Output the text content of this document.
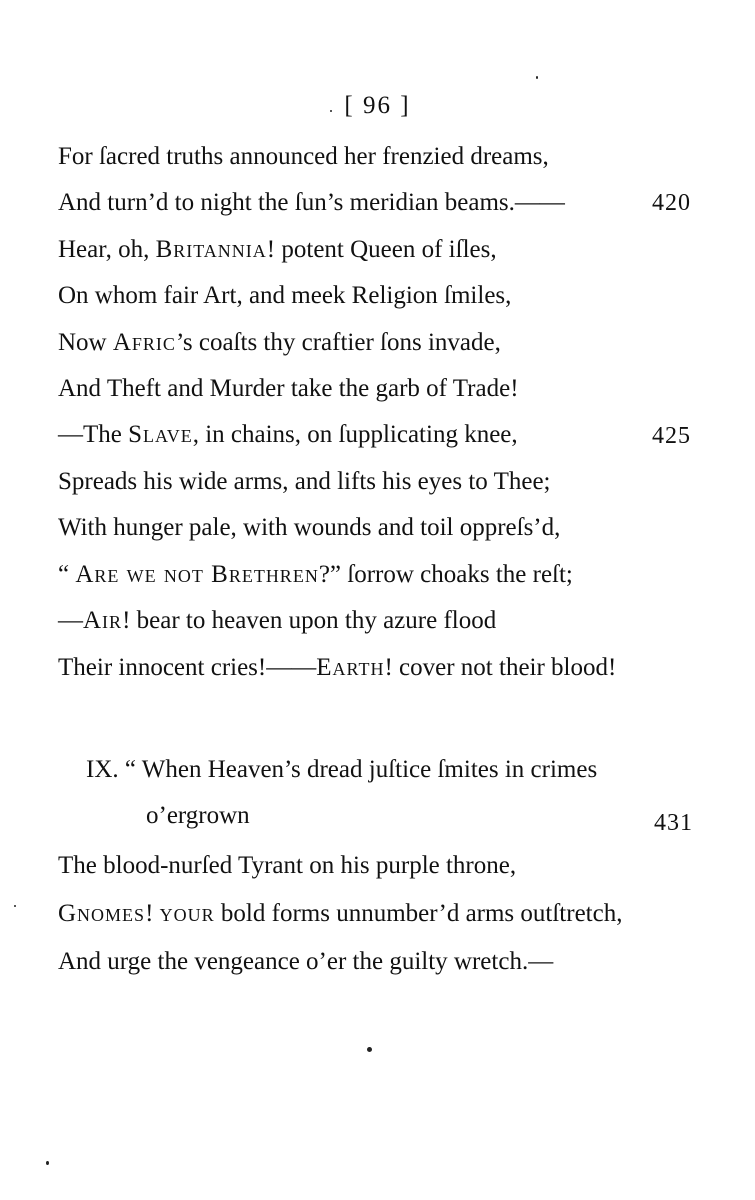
[ 96 ]
For ſacred truths announced her frenzied dreams,
And turn’d to night the ſun’s meridian beams.——	420
Hear, oh, Britannia! potent Queen of iſles,
On whom fair Art, and meek Religion ſmiles,
Now Afric’s coaſts thy craftier ſons invade,
And Theft and Murder take the garb of Trade!
—The Slave, in chains, on ſupplicating knee,	425
Spreads his wide arms, and lifts his eyes to Thee;
With hunger pale, with wounds and toil oppreſs’d,
“ Are we not Brethren?” ſorrow choaks the reſt;
—Air! bear to heaven upon thy azure flood
Their innocent cries!——Earth! cover not their blood!
IX. “ When Heaven’s dread juſtice ſmites in crimes
o’ergrown	431
The blood-nurſed Tyrant on his purple throne,
Gnomes! your bold forms unnumber’d arms outſtretch,
And urge the vengeance o’er the guilty wretch.—
